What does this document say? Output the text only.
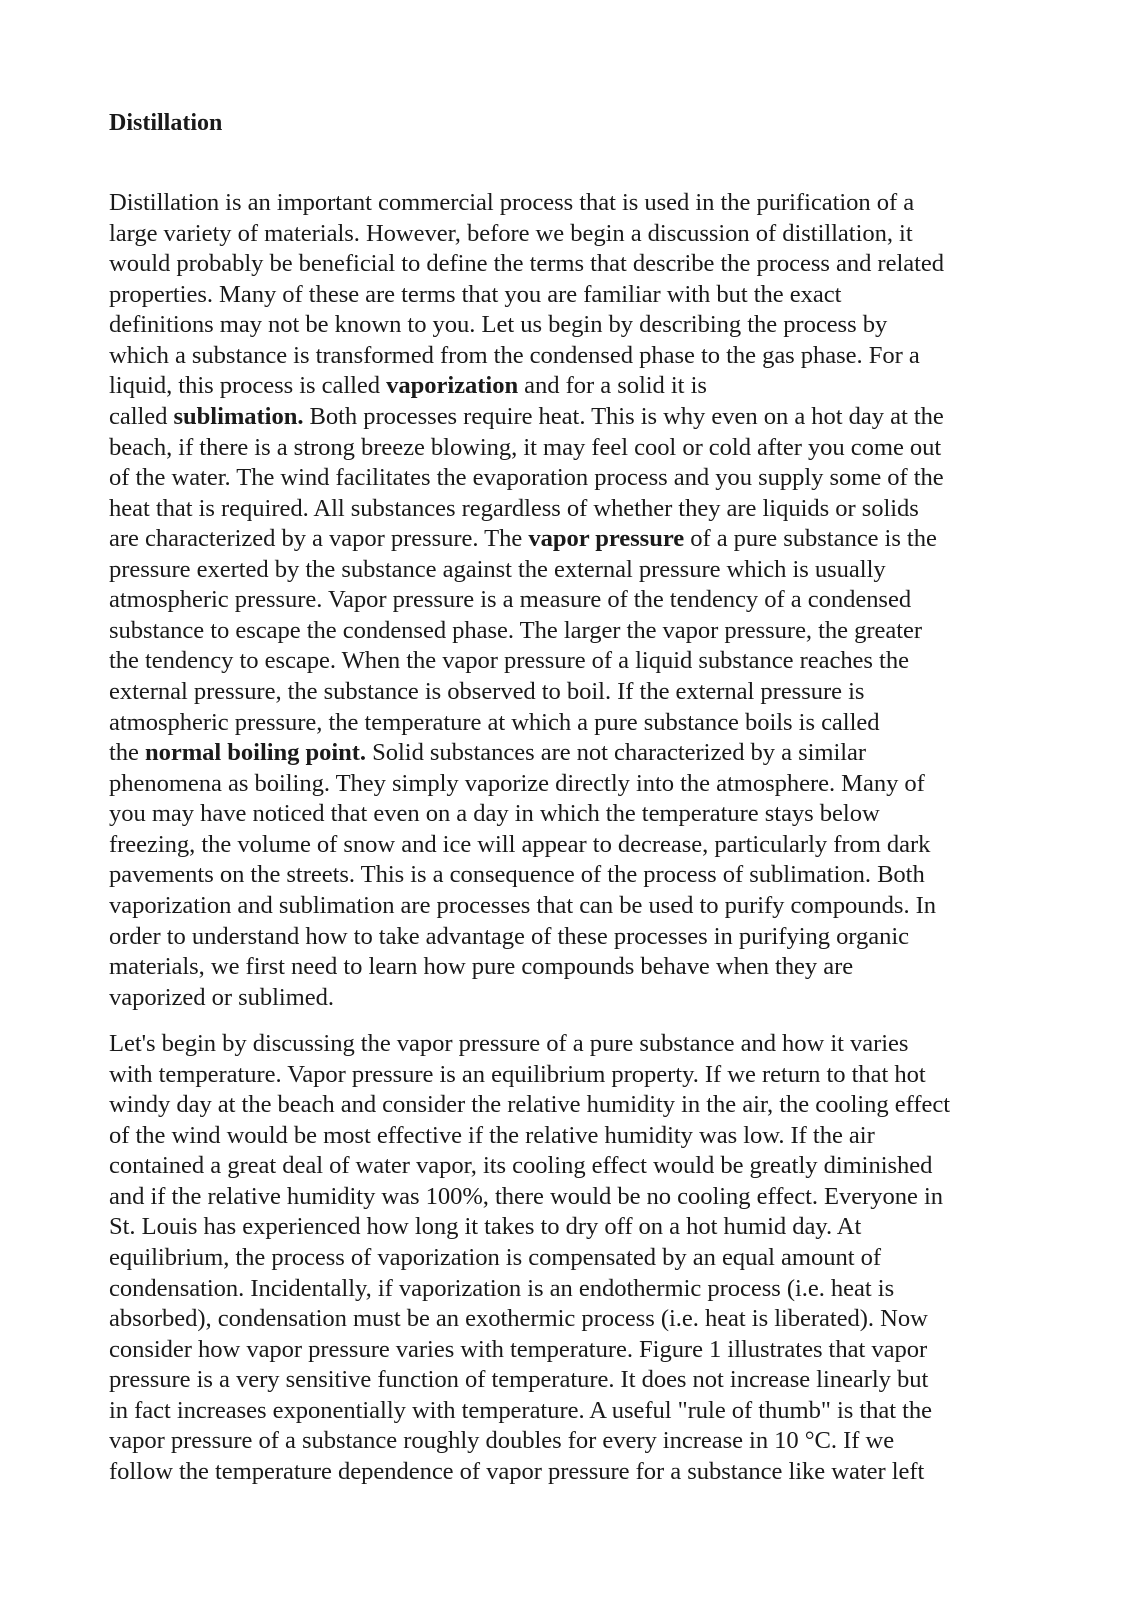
Distillation
Distillation is an important commercial process that is used in the purification of a
large variety of materials. However, before we begin a discussion of distillation, it
would probably be beneficial to define the terms that describe the process and related
properties. Many of these are terms that you are familiar with but the exact
definitions may not be known to you. Let us begin by describing the process by
which a substance is transformed from the condensed phase to the gas phase. For a
liquid, this process is called vaporization and for a solid it is
called sublimation. Both processes require heat. This is why even on a hot day at the
beach, if there is a strong breeze blowing, it may feel cool or cold after you come out
of the water. The wind facilitates the evaporation process and you supply some of the
heat that is required. All substances regardless of whether they are liquids or solids
are characterized by a vapor pressure. The vapor pressure of a pure substance is the
pressure exerted by the substance against the external pressure which is usually
atmospheric pressure. Vapor pressure is a measure of the tendency of a condensed
substance to escape the condensed phase. The larger the vapor pressure, the greater
the tendency to escape. When the vapor pressure of a liquid substance reaches the
external pressure, the substance is observed to boil. If the external pressure is
atmospheric pressure, the temperature at which a pure substance boils is called
the normal boiling point. Solid substances are not characterized by a similar
phenomena as boiling. They simply vaporize directly into the atmosphere. Many of
you may have noticed that even on a day in which the temperature stays below
freezing, the volume of snow and ice will appear to decrease, particularly from dark
pavements on the streets. This is a consequence of the process of sublimation. Both
vaporization and sublimation are processes that can be used to purify compounds. In
order to understand how to take advantage of these processes in purifying organic
materials, we first need to learn how pure compounds behave when they are
vaporized or sublimed.
Let's begin by discussing the vapor pressure of a pure substance and how it varies
with temperature. Vapor pressure is an equilibrium property. If we return to that hot
windy day at the beach and consider the relative humidity in the air, the cooling effect
of the wind would be most effective if the relative humidity was low. If the air
contained a great deal of water vapor, its cooling effect would be greatly diminished
and if the relative humidity was 100%, there would be no cooling effect. Everyone in
St. Louis has experienced how long it takes to dry off on a hot humid day. At
equilibrium, the process of vaporization is compensated by an equal amount of
condensation. Incidentally, if vaporization is an endothermic process (i.e. heat is
absorbed), condensation must be an exothermic process (i.e. heat is liberated). Now
consider how vapor pressure varies with temperature. Figure 1 illustrates that vapor
pressure is a very sensitive function of temperature. It does not increase linearly but
in fact increases exponentially with temperature. A useful "rule of thumb" is that the
vapor pressure of a substance roughly doubles for every increase in 10 °C. If we
follow the temperature dependence of vapor pressure for a substance like water left
